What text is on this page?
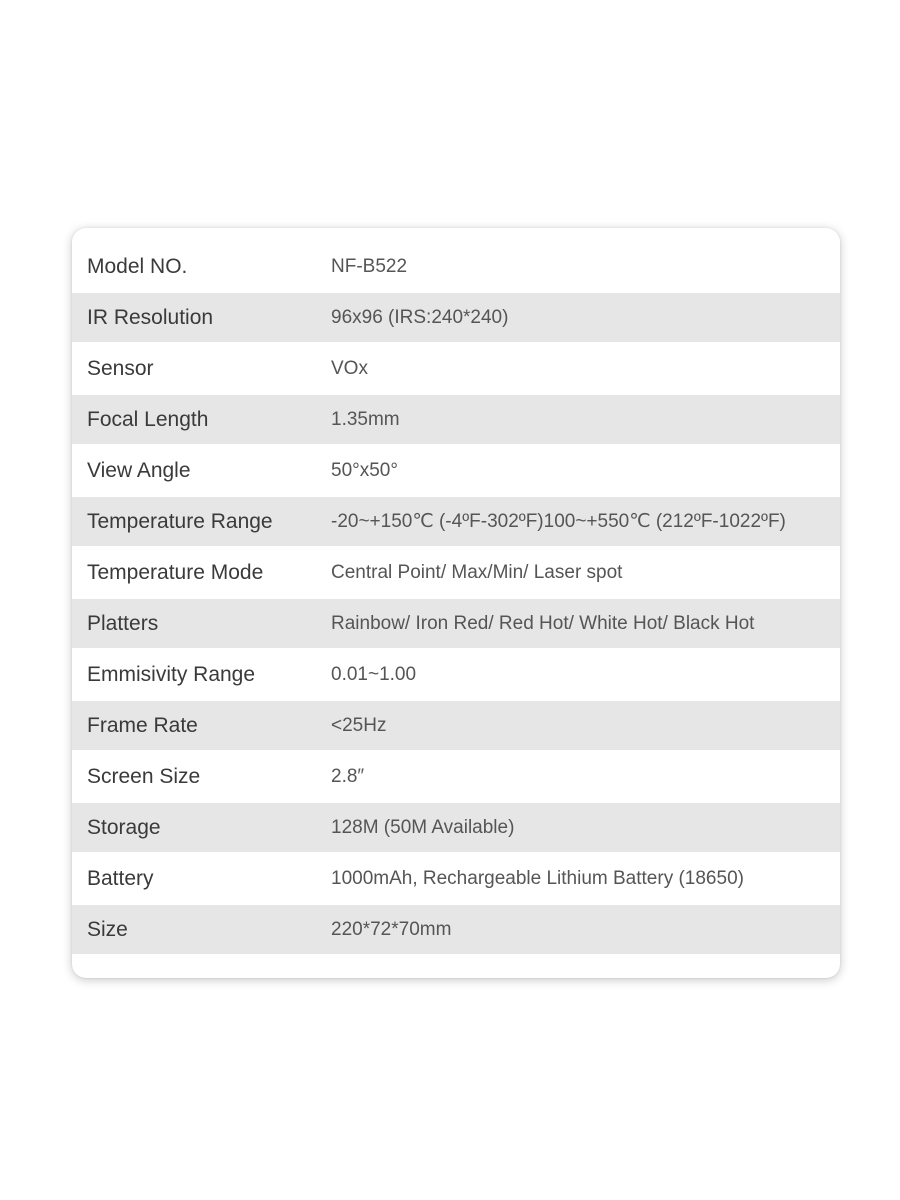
Model NO.	NF-B522
IR Resolution	96x96 (IRS:240*240)
Sensor	VOx
Focal Length	1.35mm
View Angle	50°x50°
Temperature Range	-20~+150℃ (-4ºF-302ºF)100~+550℃ (212ºF-1022ºF)
Temperature Mode	Central Point/ Max/Min/ Laser spot
Platters	Rainbow/ Iron Red/ Red Hot/ White Hot/ Black Hot
Emmisivity Range	0.01~1.00
Frame Rate	<25Hz
Screen Size	2.8″
Storage	128M (50M Available)
Battery	1000mAh, Rechargeable Lithium Battery (18650)
Size	220*72*70mm
